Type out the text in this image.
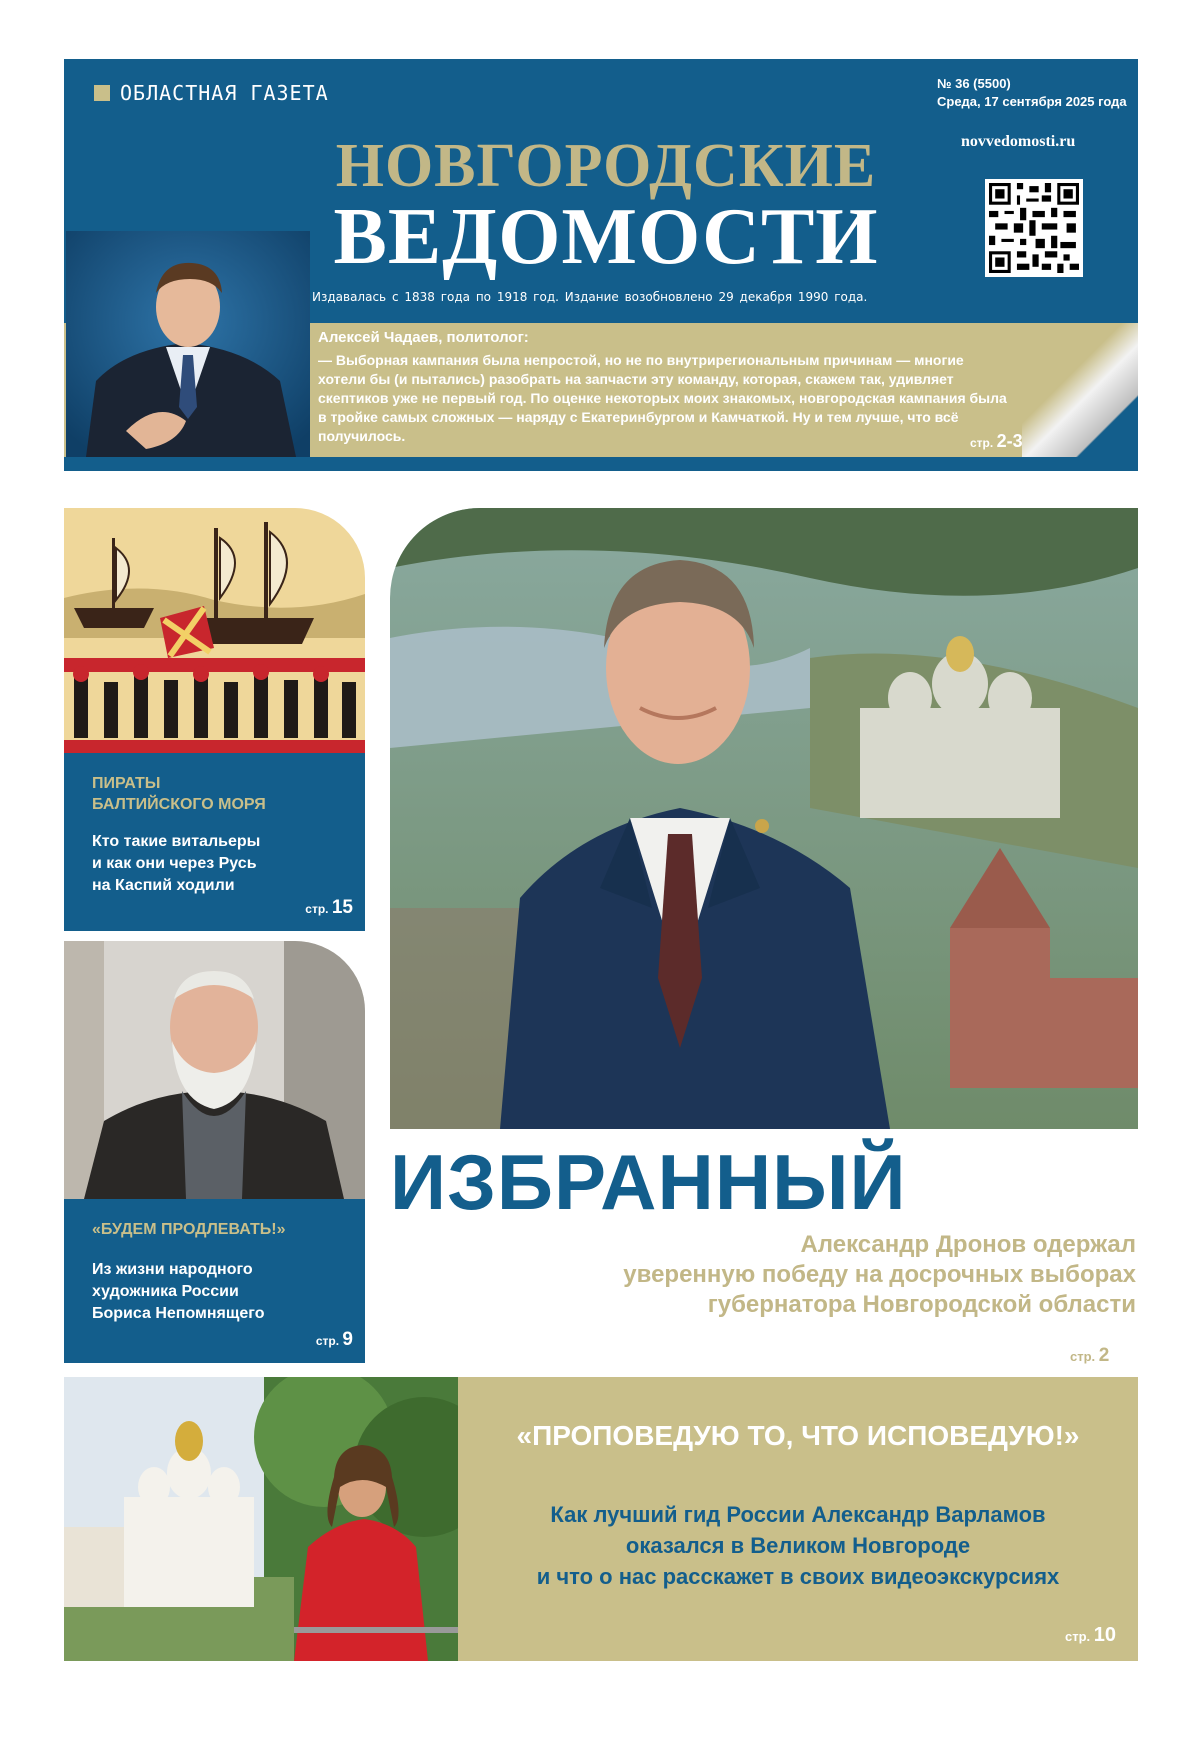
ОБЛАСТНАЯ ГАЗЕТА	№ 36 (5500)
Среда, 17 сентября 2025 года
novvedomosti.ru
НОВГОРОДСКИЕ
ВЕДОМОСТИ
Издавалась с 1838 года по 1918 год. Издание возобновлено 29 декабря 1990 года.
Алексей Чадаев, политолог:
— Выборная кампания была непростой, но не по внутрирегиональным причинам — многие хотели бы (и пытались) разобрать на запчасти эту команду, которая, скажем так, удивляет скептиков уже не первый год. По оценке некоторых моих знакомых, новгородская кампания была в тройке самых сложных — наряду с Екатеринбургом и Камчаткой. Ну и тем лучше, что всё получилось.	стр. 2-3
ПИРАТЫ
БАЛТИЙСКОГО МОРЯ
Кто такие витальеры
и как они через Русь
на Каспий ходили
стр. 15
«БУДЕМ ПРОДЛЕВАТЬ!»
Из жизни народного
художника России
Бориса Непомнящего
стр. 9
ИЗБРАННЫЙ
Александр Дронов одержал
уверенную победу на досрочных выборах
губернатора Новгородской области
стр. 2
«ПРОПОВЕДУЮ ТО, ЧТО ИСПОВЕДУЮ!»
Как лучший гид России Александр Варламов
оказался в Великом Новгороде
и что о нас расскажет в своих видеоэкскурсиях
стр. 10
